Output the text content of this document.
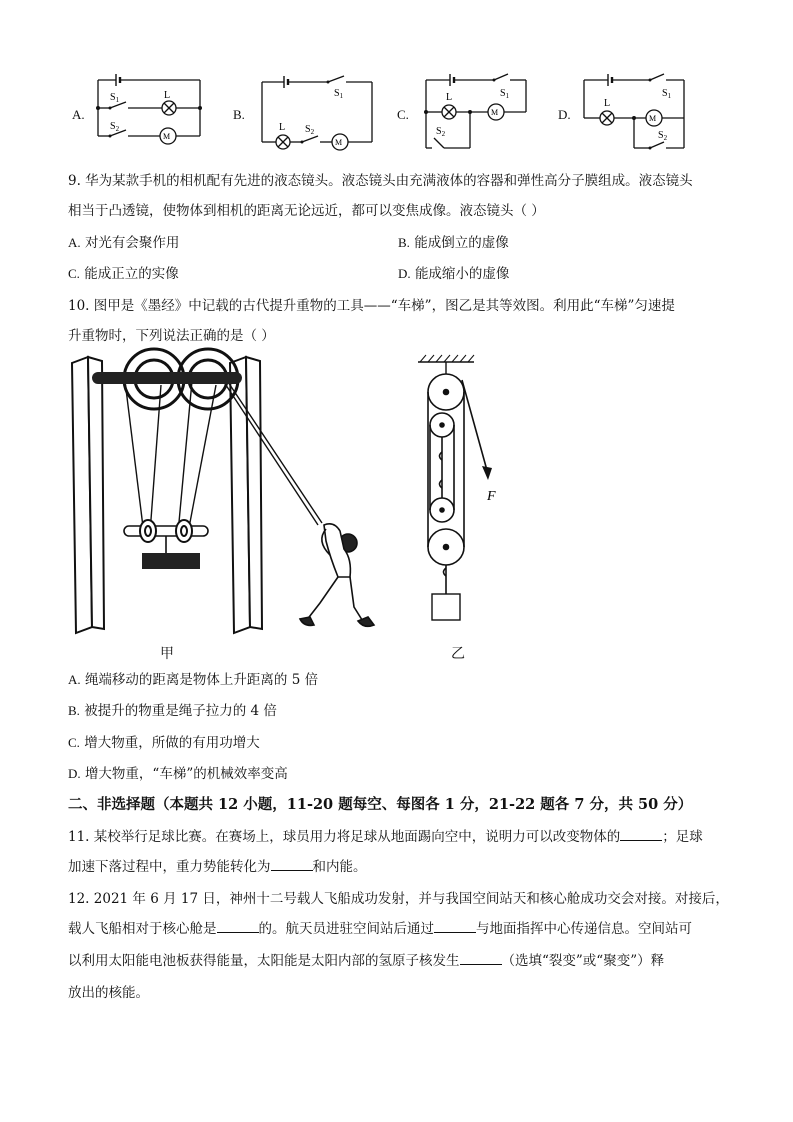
A.
$S_1$	L
$S_2$
M
B.
$S_1$
L $S_2$
M
C.
L	$S_1$
$S_2$
M	D.
L
$S_1$
$S_2$
M
9. 华为某款手机的相机配有先进的液态镜头。液态镜头由充满液体的容器和弹性高分子膜组成。液态镜头
相当于凸透镜，使物体到相机的距离无论远近，都可以变焦成像。液态镜头（ ）
A. 对光有会聚作用	B. 能成倒立的虚像
C. 能成正立的实像	D. 能成缩小的虚像
10. 图甲是《墨经》中记载的古代提升重物的工具——“车梯”，图乙是其等效图。利用此“车梯”匀速提
升重物时，下列说法正确的是（ ）
甲
F
乙
A. 绳端移动的距离是物体上升距离的 5 倍
B. 被提升的物重是绳子拉力的 4 倍
C. 增大物重，所做的有用功增大
D. 增大物重，“车梯”的机械效率变高
二、非选择题（本题共 12 小题，11-20 题每空、每图各 1 分，21-22 题各 7 分，共 50 分）
11. 某校举行足球比赛。在赛场上，球员用力将足球从地面踢向空中，说明力可以改变物体的	；足球
加速下落过程中，重力势能转化为	和内能。
12. 2021 年 6 月 17 日，神州十二号载人飞船成功发射，并与我国空间站天和核心舱成功交会对接。对接后，
载人飞船相对于核心舱是	的。航天员进驻空间站后通过	与地面指挥中心传递信息。空间站可
以利用太阳能电池板获得能量，太阳能是太阳内部的氢原子核发生	（选填“裂变”或“聚变”）释
放出的核能。
